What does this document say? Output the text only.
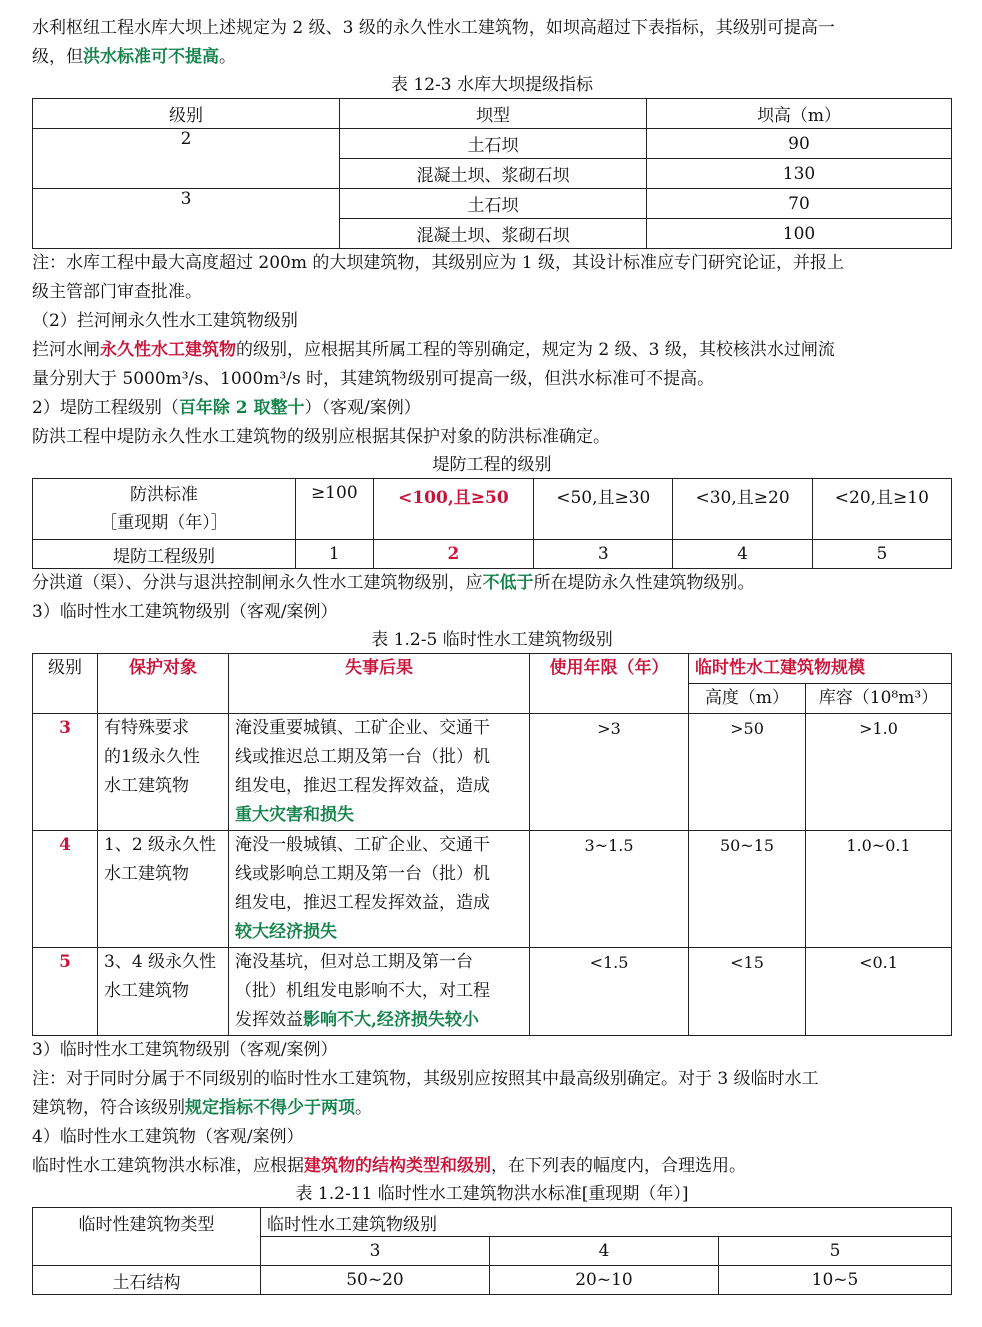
水利枢纽工程水库大坝上述规定为 2 级、3 级的永久性水工建筑物，如坝高超过下表指标，其级别可提高一

级，但洪水标准可不提高。

表 12-3 水库大坝提级指标

级别	坝型	坝高（m）
2	土石坝	90
	混凝土坝、浆砌石坝	130
3	土石坝	70
	混凝土坝、浆砌石坝	100

注：水库工程中最大高度超过 200m 的大坝建筑物，其级别应为 1 级，其设计标准应专门研究论证，并报上

级主管部门审查批准。

（2）拦河闸永久性水工建筑物级别

拦河水闸永久性水工建筑物的级别，应根据其所属工程的等别确定，规定为 2 级、3 级，其校核洪水过闸流

量分别大于 5000m³/s、1000m³/s 时，其建筑物级别可提高一级，但洪水标准可不提高。

2）堤防工程级别（百年除 2 取整十）（客观/案例）

防洪工程中堤防永久性水工建筑物的级别应根据其保护对象的防洪标准确定。

堤防工程的级别

防洪标准
［重现期（年）］	≥100	<100,且≥50	<50,且≥30	<30,且≥20	<20,且≥10
堤防工程级别	1	2	3	4	5

分洪道（渠）、分洪与退洪控制闸永久性水工建筑物级别，应不低于所在堤防永久性建筑物级别。

3）临时性水工建筑物级别（客观/案例）

表 1.2-5 临时性水工建筑物级别

级别	保护对象	失事后果	使用年限（年）	临时性水工建筑物规模	
				高度（m）	库容（10⁸m³）
3	有特殊要求
的1级永久性
水工建筑物	淹没重要城镇、工矿企业、交通干
线或推迟总工期及第一台（批）机
组发电，推迟工程发挥效益，造成
重大灾害和损失	>3	>50	>1.0
4	1、2 级永久性
水工建筑物	淹没一般城镇、工矿企业、交通干
线或影响总工期及第一台（批）机
组发电，推迟工程发挥效益，造成
较大经济损失	3~1.5	50~15	1.0~0.1
5	3、4 级永久性
水工建筑物	淹没基坑，但对总工期及第一台
（批）机组发电影响不大，对工程
发挥效益影响不大,经济损失较小	<1.5	<15	<0.1

3）临时性水工建筑物级别（客观/案例）

注：对于同时分属于不同级别的临时性水工建筑物，其级别应按照其中最高级别确定。对于 3 级临时水工

建筑物，符合该级别规定指标不得少于两项。

4）临时性水工建筑物（客观/案例）

临时性水工建筑物洪水标准，应根据建筑物的结构类型和级别，在下列表的幅度内，合理选用。

表 1.2-11 临时性水工建筑物洪水标准[重现期（年）]

临时性建筑物类型	临时性水工建筑物级别		
	3	4	5
土石结构	50~20	20~10	10~5
